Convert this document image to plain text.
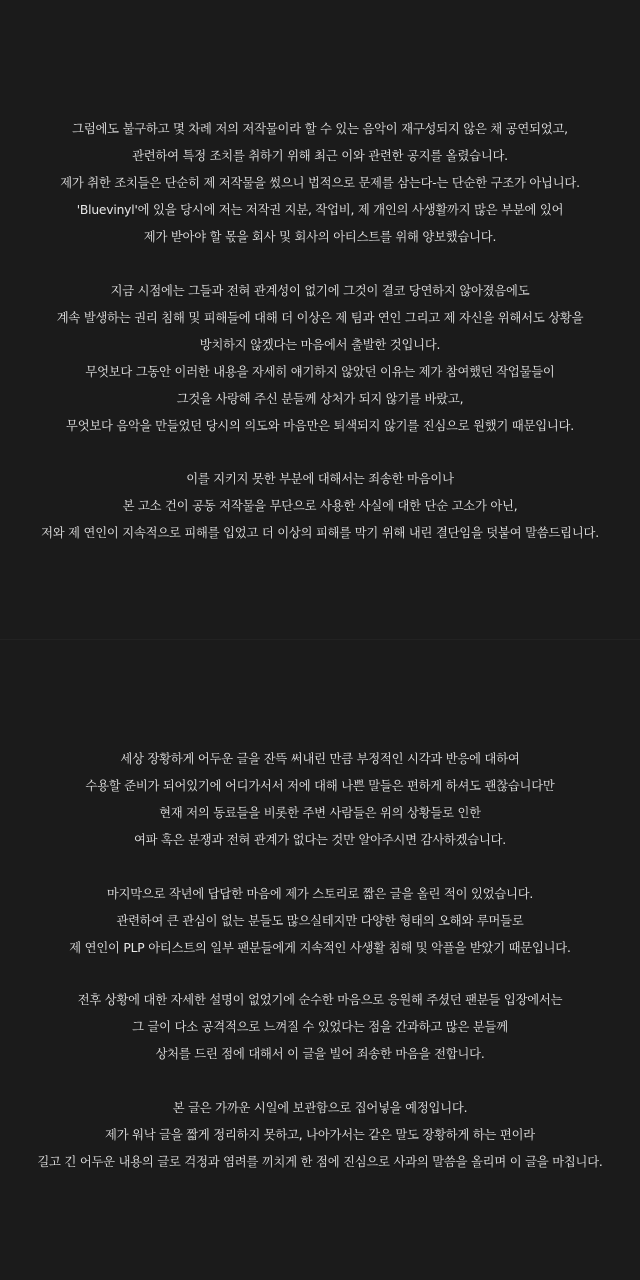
그럼에도 불구하고 몇 차례 저의 저작물이라 할 수 있는 음악이 재구성되지 않은 채 공연되었고,
관련하여 특정 조치를 취하기 위해 최근 이와 관련한 공지를 올렸습니다.
제가 취한 조치들은 단순히 제 저작물을 썼으니 법적으로 문제를 삼는다-는 단순한 구조가 아닙니다.
'Bluevinyl'에 있을 당시에 저는 저작권 지분, 작업비, 제 개인의 사생활까지 많은 부분에 있어
제가 받아야 할 몫을 회사 및 회사의 아티스트를 위해 양보했습니다.
지금 시점에는 그들과 전혀 관계성이 없기에 그것이 결코 당연하지 않아졌음에도
계속 발생하는 권리 침해 및 피해들에 대해 더 이상은 제 팀과 연인 그리고 제 자신을 위해서도 상황을
방치하지 않겠다는 마음에서 출발한 것입니다.
무엇보다 그동안 이러한 내용을 자세히 얘기하지 않았던 이유는 제가 참여했던 작업물들이
그것을 사랑해 주신 분들께 상처가 되지 않기를 바랐고,
무엇보다 음악을 만들었던 당시의 의도와 마음만은 퇴색되지 않기를 진심으로 원했기 때문입니다.
이를 지키지 못한 부분에 대해서는 죄송한 마음이나
본 고소 건이 공동 저작물을 무단으로 사용한 사실에 대한 단순 고소가 아닌,
저와 제 연인이 지속적으로 피해를 입었고 더 이상의 피해를 막기 위해 내린 결단임을 덧붙여 말씀드립니다.
세상 장황하게 어두운 글을 잔뜩 써내린 만큼 부정적인 시각과 반응에 대하여
수용할 준비가 되어있기에 어디가서서 저에 대해 나쁜 말들은 편하게 하셔도 괜찮습니다만
현재 저의 동료들을 비롯한 주변 사람들은 위의 상황들로 인한
여파 혹은 분쟁과 전혀 관계가 없다는 것만 알아주시면 감사하겠습니다.
마지막으로 작년에 답답한 마음에 제가 스토리로 짧은 글을 올린 적이 있었습니다.
관련하여 큰 관심이 없는 분들도 많으실테지만 다양한 형태의 오해와 루머들로
제 연인이 PLP 아티스트의 일부 팬분들에게 지속적인 사생활 침해 및 악플을 받았기 때문입니다.
전후 상황에 대한 자세한 설명이 없었기에 순수한 마음으로 응원해 주셨던 팬분들 입장에서는
그 글이 다소 공격적으로 느껴질 수 있었다는 점을 간과하고 많은 분들께
상처를 드린 점에 대해서 이 글을 빌어 죄송한 마음을 전합니다.
본 글은 가까운 시일에 보관함으로 집어넣을 예정입니다.
제가 워낙 글을 짧게 정리하지 못하고, 나아가서는 같은 말도 장황하게 하는 편이라
길고 긴 어두운 내용의 글로 걱정과 염려를 끼치게 한 점에 진심으로 사과의 말씀을 올리며 이 글을 마칩니다.
